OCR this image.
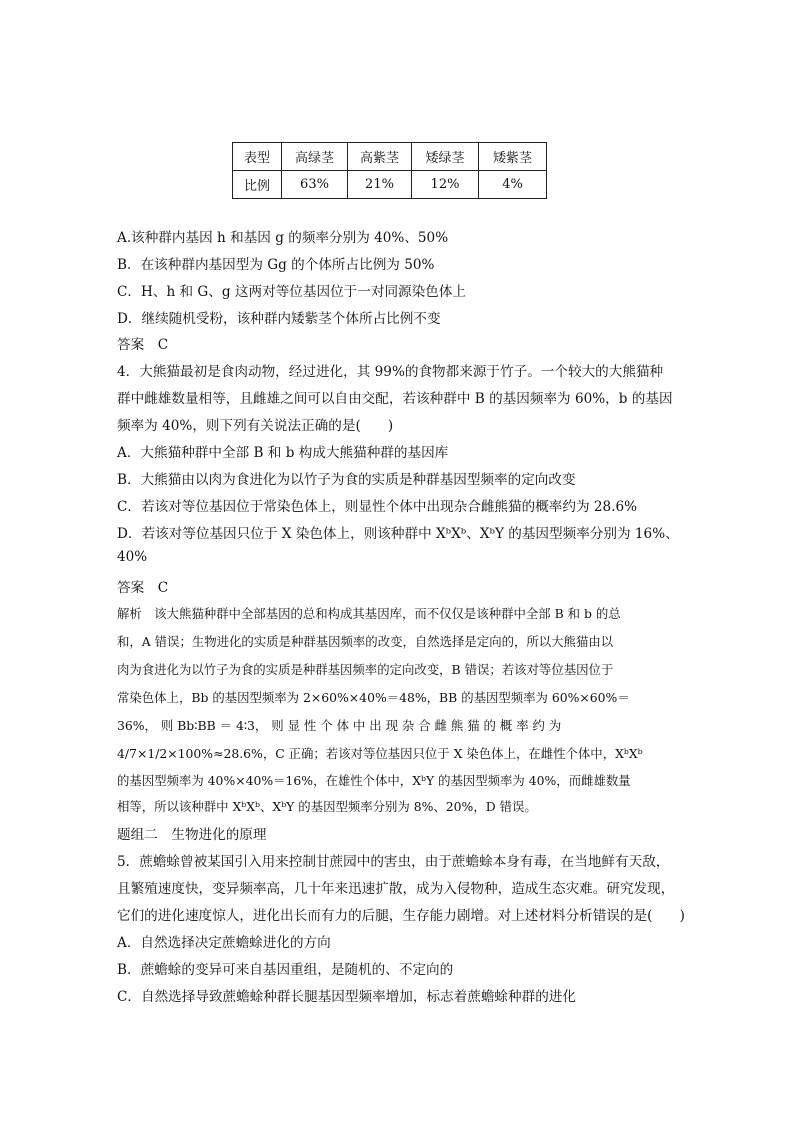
表型	高绿茎	高紫茎	矮绿茎	矮紫茎
比例	63%	21%	12%	4%
A.该种群内基因 h 和基因 g 的频率分别为 40%、50%
B．在该种群内基因型为 Gg 的个体所占比例为 50%
C．H、h 和 G、g 这两对等位基因位于一对同源染色体上
D．继续随机受粉，该种群内矮紫茎个体所占比例不变
答案　C
4．大熊猫最初是食肉动物，经过进化，其 99%的食物都来源于竹子。一个较大的大熊猫种
群中雌雄数量相等，且雌雄之间可以自由交配，若该种群中 B 的基因频率为 60%，b 的基因
频率为 40%，则下列有关说法正确的是(　　)
A．大熊猫种群中全部 B 和 b 构成大熊猫种群的基因库
B．大熊猫由以肉为食进化为以竹子为食的实质是种群基因型频率的定向改变
C．若该对等位基因位于常染色体上，则显性个体中出现杂合雌熊猫的概率约为 28.6%
D．若该对等位基因只位于 X 染色体上，则该种群中 XᵇXᵇ、XᵇY 的基因型频率分别为 16%、
40%
答案　C
解析　该大熊猫种群中全部基因的总和构成其基因库，而不仅仅是该种群中全部 B 和 b 的总
和，A 错误；生物进化的实质是种群基因频率的改变，自然选择是定向的，所以大熊猫由以
肉为食进化为以竹子为食的实质是种群基因频率的定向改变，B 错误；若该对等位基因位于
常染色体上，Bb 的基因型频率为 2×60%×40%＝48%，BB 的基因型频率为 60%×60%＝
36%， 则 Bb∶BB ＝ 4∶3， 则 显 性 个 体 中 出 现 杂 合 雌 熊 猫 的 概 率 约 为
4/7×1/2×100%≈28.6%，C 正确；若该对等位基因只位于 X 染色体上，在雌性个体中，XᵇXᵇ
的基因型频率为 40%×40%＝16%，在雄性个体中，XᵇY 的基因型频率为 40%，而雌雄数量
相等，所以该种群中 XᵇXᵇ、XᵇY 的基因型频率分别为 8%、20%，D 错误。
题组二　生物进化的原理
5．蔗蟾蜍曾被某国引入用来控制甘蔗园中的害虫，由于蔗蟾蜍本身有毒，在当地鲜有天敌，
且繁殖速度快，变异频率高，几十年来迅速扩散，成为入侵物种，造成生态灾难。研究发现，
它们的进化速度惊人，进化出长而有力的后腿，生存能力剧增。对上述材料分析错误的是(　　)
A．自然选择决定蔗蟾蜍进化的方向
B．蔗蟾蜍的变异可来自基因重组，是随机的、不定向的
C．自然选择导致蔗蟾蜍种群长腿基因型频率增加，标志着蔗蟾蜍种群的进化
